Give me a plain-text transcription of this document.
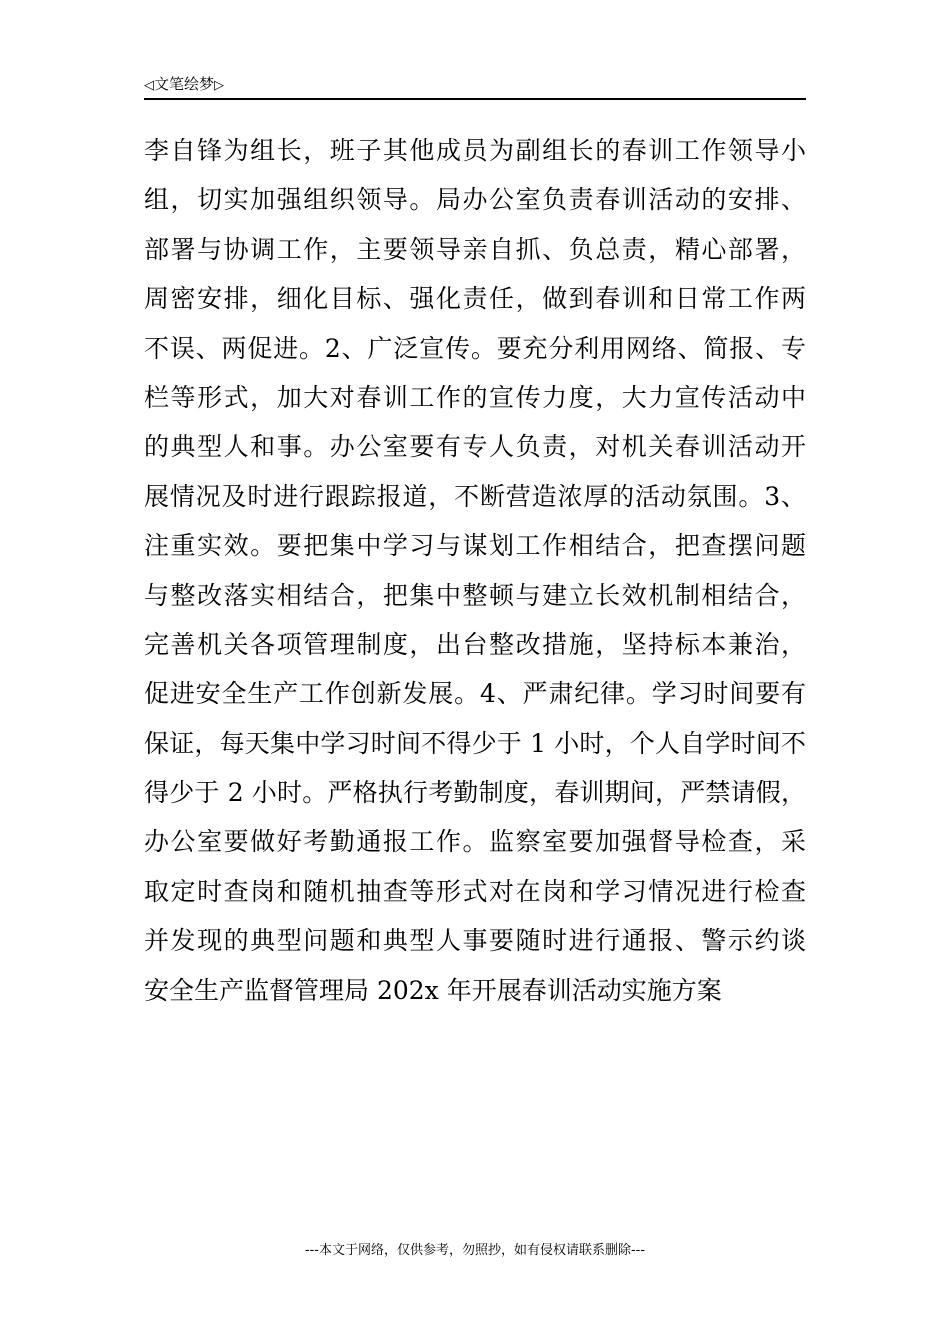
◁文笔绘梦▷
李自锋为组长，班子其他成员为副组长的春训工作领导小
组，切实加强组织领导。局办公室负责春训活动的安排、
部署与协调工作，主要领导亲自抓、负总责，精心部署，
周密安排，细化目标、强化责任，做到春训和日常工作两
不误、两促进。2、广泛宣传。要充分利用网络、简报、专
栏等形式，加大对春训工作的宣传力度，大力宣传活动中
的典型人和事。办公室要有专人负责，对机关春训活动开
展情况及时进行跟踪报道，不断营造浓厚的活动氛围。3、
注重实效。要把集中学习与谋划工作相结合，把查摆问题
与整改落实相结合，把集中整顿与建立长效机制相结合，
完善机关各项管理制度，出台整改措施，坚持标本兼治，
促进安全生产工作创新发展。4、严肃纪律。学习时间要有
保证，每天集中学习时间不得少于 1 小时，个人自学时间不
得少于 2 小时。严格执行考勤制度，春训期间，严禁请假，
办公室要做好考勤通报工作。监察室要加强督导检查，采
取定时查岗和随机抽查等形式对在岗和学习情况进行检查
并发现的典型问题和典型人事要随时进行通报、警示约谈
安全生产监督管理局 202x 年开展春训活动实施方案
---本文于网络，仅供参考，勿照抄，如有侵权请联系删除---
